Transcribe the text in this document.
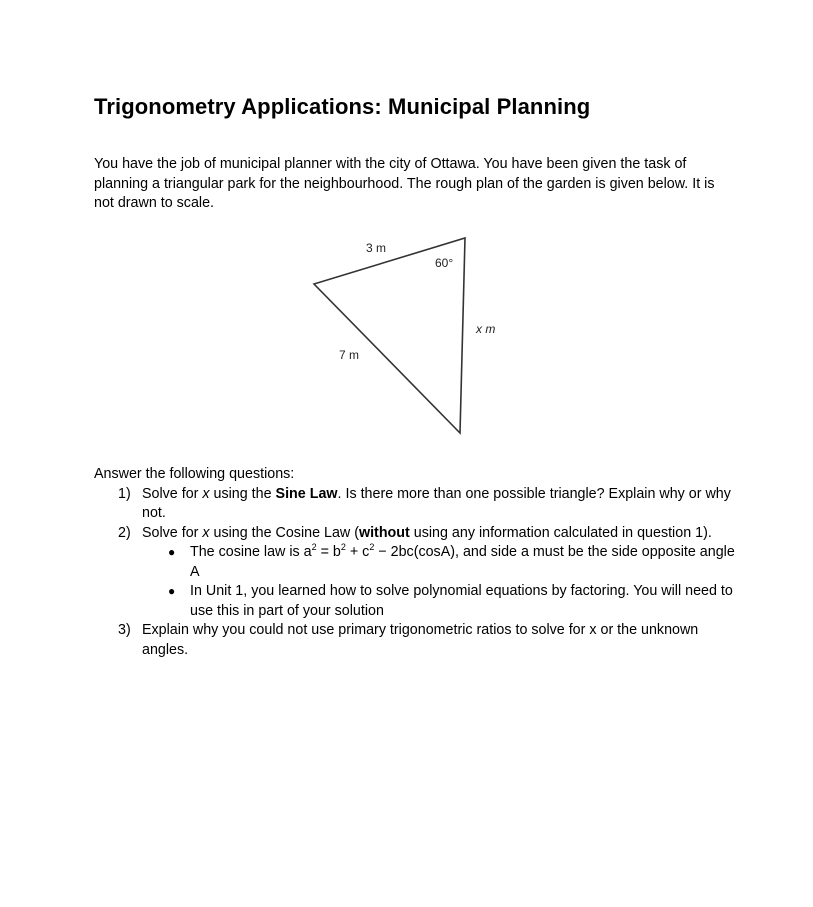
Trigonometry Applications: Municipal Planning

You have the job of municipal planner with the city of Ottawa. You have been given the task of planning a triangular park for the neighbourhood. The rough plan of the garden is given below. It is not drawn to scale.

3 m
60°
x m
7 m

Answer the following questions:

1) Solve for x using the Sine Law. Is there more than one possible triangle? Explain why or why not.
2) Solve for x using the Cosine Law (without using any information calculated in question 1).
● The cosine law is $a^2 = b^2 + c^2 - 2bc(\cos A)$, and side a must be the side opposite angle A
● In Unit 1, you learned how to solve polynomial equations by factoring. You will need to use this in part of your solution
3) Explain why you could not use primary trigonometric ratios to solve for x or the unknown angles.
